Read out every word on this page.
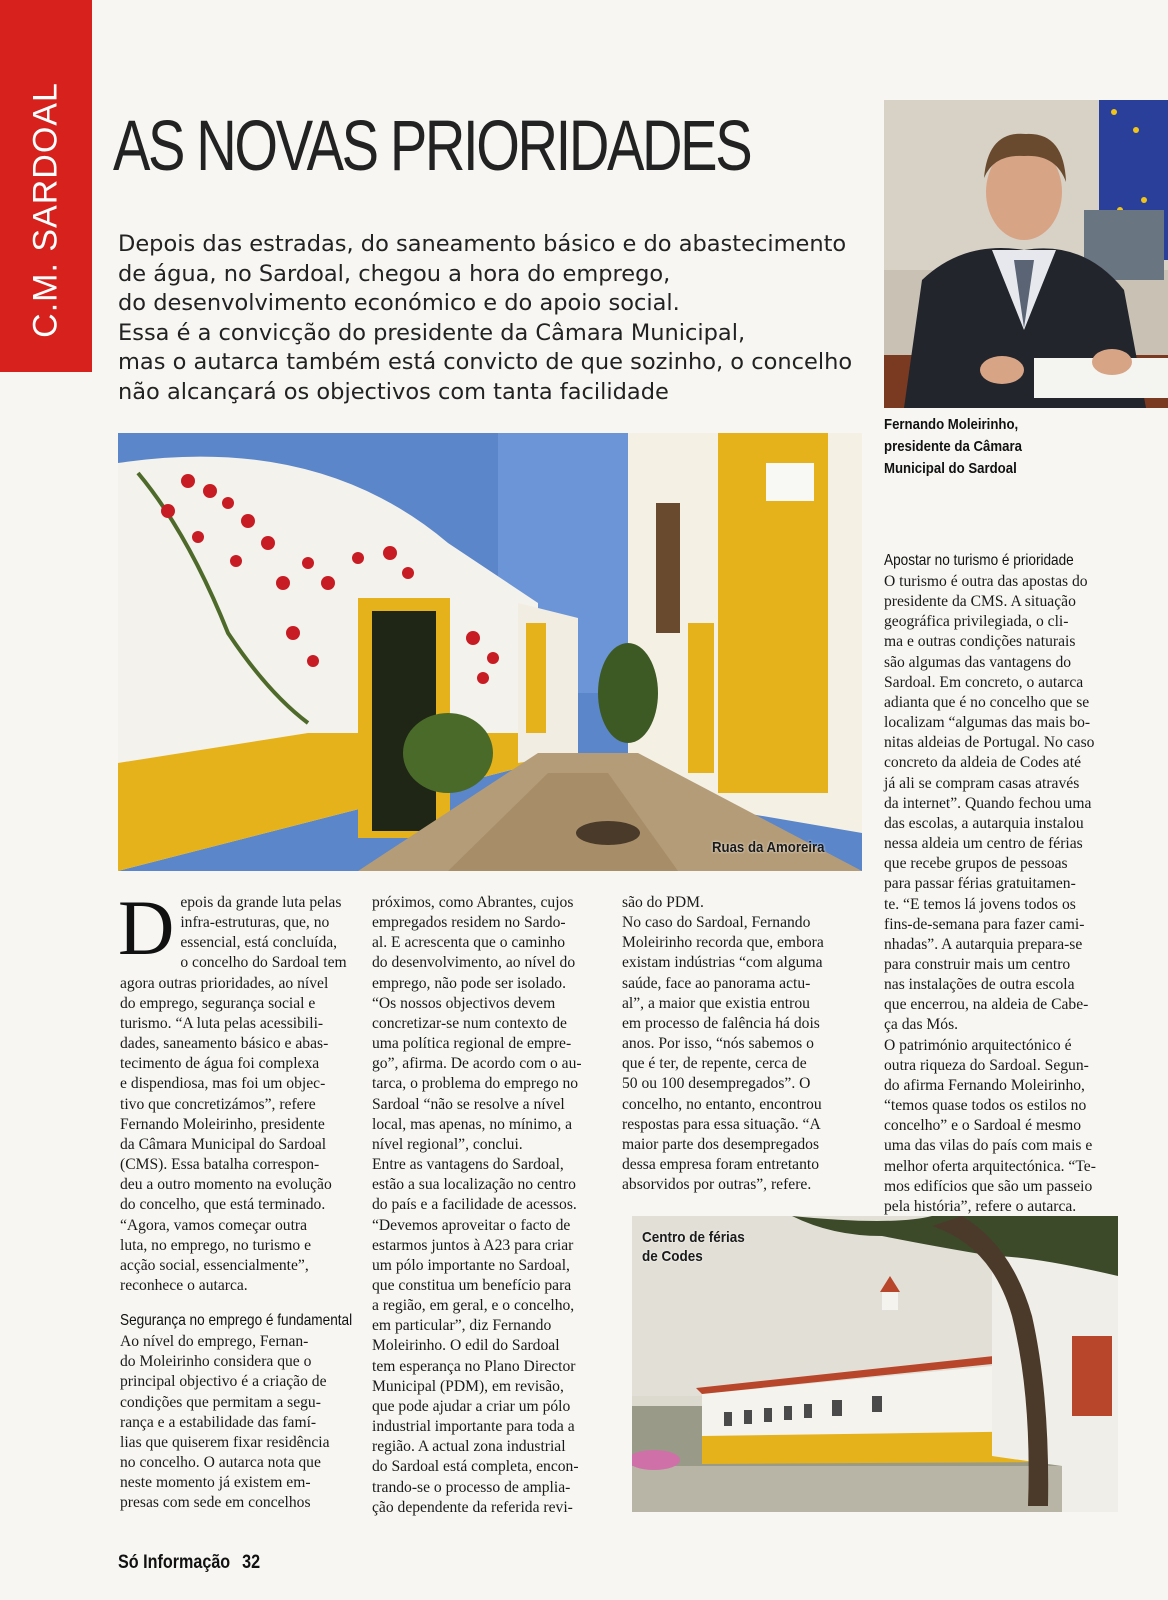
C.M. SARDOAL AS NOVAS PRIORIDADES
Depois das estradas, do saneamento básico e do abastecimento
de água, no Sardoal, chegou a hora do emprego,
do desenvolvimento económico e do apoio social.
Essa é a convicção do presidente da Câmara Municipal,
mas o autarca também está convicto de que sozinho, o concelho
não alcançará os objectivos com tanta facilidade
Fernando Moleirinho,
presidente da Câmara
Municipal do Sardoal
Ruas da Amoreira
Centro de férias
de Codes
D epois da grande luta pelas
infra-estruturas, que, no
essencial, está concluída,
o concelho do Sardoal tem
agora outras prioridades, ao nível
do emprego, segurança social e
turismo. “A luta pelas acessibili-
dades, saneamento básico e abas-
tecimento de água foi complexa
e dispendiosa, mas foi um objec-
tivo que concretizámos”, refere
Fernando Moleirinho, presidente
da Câmara Municipal do Sardoal
(CMS). Essa batalha correspon-
deu a outro momento na evolução
do concelho, que está terminado.
“Agora, vamos começar outra
luta, no emprego, no turismo e
acção social, essencialmente”,
reconhece o autarca.
Segurança no emprego é fundamental
Ao nível do emprego, Fernan-
do Moleirinho considera que o
principal objectivo é a criação de
condições que permitam a segu-
rança e a estabilidade das famí-
lias que quiserem fixar residência
no concelho. O autarca nota que
neste momento já existem em-
presas com sede em concelhos
próximos, como Abrantes, cujos
empregados residem no Sardo-
al. E acrescenta que o caminho
do desenvolvimento, ao nível do
emprego, não pode ser isolado.
“Os nossos objectivos devem
concretizar-se num contexto de
uma política regional de empre-
go”, afirma. De acordo com o au-
tarca, o problema do emprego no
Sardoal “não se resolve a nível
local, mas apenas, no mínimo, a
nível regional”, conclui.
Entre as vantagens do Sardoal,
estão a sua localização no centro
do país e a facilidade de acessos.
“Devemos aproveitar o facto de
estarmos juntos à A23 para criar
um pólo importante no Sardoal,
que constitua um benefício para
a região, em geral, e o concelho,
em particular”, diz Fernando
Moleirinho. O edil do Sardoal
tem esperança no Plano Director
Municipal (PDM), em revisão,
que pode ajudar a criar um pólo
industrial importante para toda a
região. A actual zona industrial
do Sardoal está completa, encon-
trando-se o processo de amplia-
ção dependente da referida revi-
são do PDM.
No caso do Sardoal, Fernando
Moleirinho recorda que, embora
existam indústrias “com alguma
saúde, face ao panorama actu-
al”, a maior que existia entrou
em processo de falência há dois
anos. Por isso, “nós sabemos o
que é ter, de repente, cerca de
50 ou 100 desempregados”. O
concelho, no entanto, encontrou
respostas para essa situação. “A
maior parte dos desempregados
dessa empresa foram entretanto
absorvidos por outras”, refere.
Apostar no turismo é prioridade
O turismo é outra das apostas do
presidente da CMS. A situação
geográfica privilegiada, o cli-
ma e outras condições naturais
são algumas das vantagens do
Sardoal. Em concreto, o autarca
adianta que é no concelho que se
localizam “algumas das mais bo-
nitas aldeias de Portugal. No caso
concreto da aldeia de Codes até
já ali se compram casas através
da internet”. Quando fechou uma
das escolas, a autarquia instalou
nessa aldeia um centro de férias
que recebe grupos de pessoas
para passar férias gratuitamen-
te. “E temos lá jovens todos os
fins-de-semana para fazer cami-
nhadas”. A autarquia prepara-se
para construir mais um centro
nas instalações de outra escola
que encerrou, na aldeia de Cabe-
ça das Mós.
O património arquitectónico é
outra riqueza do Sardoal. Segun-
do afirma Fernando Moleirinho,
“temos quase todos os estilos no
concelho” e o Sardoal é mesmo
uma das vilas do país com mais e
melhor oferta arquitectónica. “Te-
mos edifícios que são um passeio
pela história”, refere o autarca.
Só Informação 32
